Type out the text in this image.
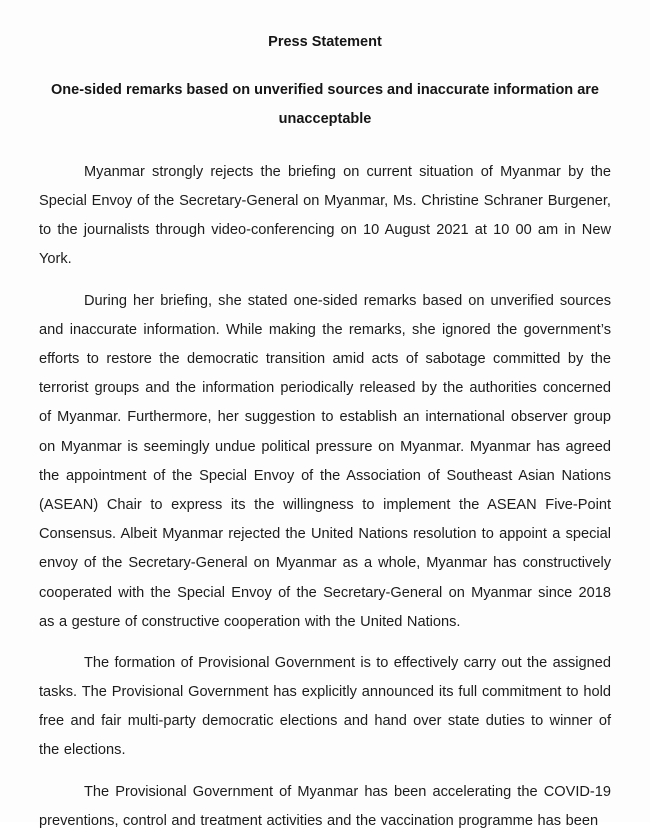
Press Statement
One-sided remarks based on unverified sources and inaccurate information are unacceptable

Myanmar strongly rejects the briefing on current situation of Myanmar by the Special Envoy of the Secretary-General on Myanmar, Ms. Christine Schraner Burgener, to the journalists through video-conferencing on 10 August 2021 at 10 00 am in New York.

During her briefing, she stated one-sided remarks based on unverified sources and inaccurate information. While making the remarks, she ignored the government’s efforts to restore the democratic transition amid acts of sabotage committed by the terrorist groups and the information periodically released by the authorities concerned of Myanmar. Furthermore, her suggestion to establish an international observer group on Myanmar is seemingly undue political pressure on Myanmar. Myanmar has agreed the appointment of the Special Envoy of the Association of Southeast Asian Nations (ASEAN) Chair to express its the willingness to implement the ASEAN Five-Point Consensus. Albeit Myanmar rejected the United Nations resolution to appoint a special envoy of the Secretary-General on Myanmar as a whole, Myanmar has constructively cooperated with the Special Envoy of the Secretary-General on Myanmar since 2018 as a gesture of constructive cooperation with the United Nations.

The formation of Provisional Government is to effectively carry out the assigned tasks. The Provisional Government has explicitly announced its full commitment to hold free and fair multi-party democratic elections and hand over state duties to winner of the elections.

The Provisional Government of Myanmar has been accelerating the COVID-19 preventions, control and treatment activities and the vaccination programme has been
